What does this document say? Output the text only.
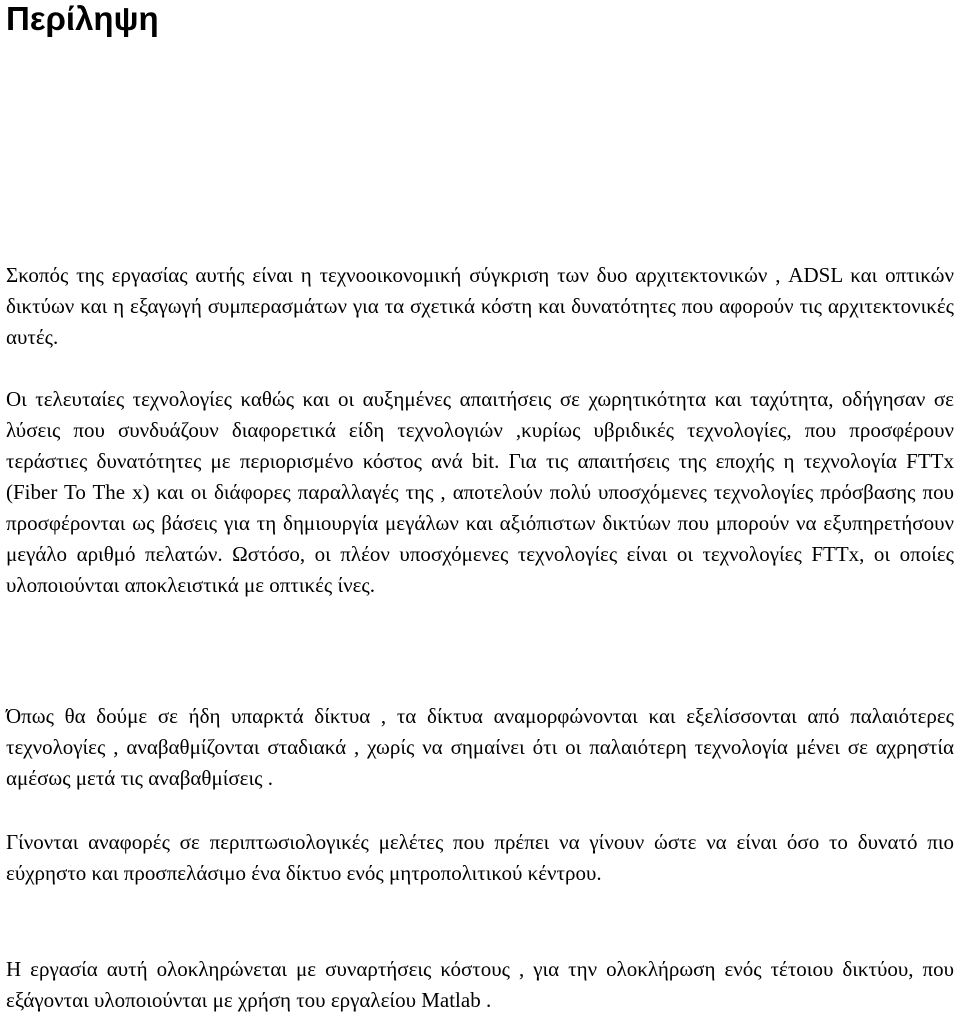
Περίληψη

Σκοπός της εργασίας αυτής είναι η τεχνοοικονομική σύγκριση των δυο αρχιτεκτονικών , ADSL και οπτικών δικτύων και η εξαγωγή συμπερασμάτων για τα σχετικά κόστη και δυνατότητες που αφορούν τις αρχιτεκτονικές αυτές.

Οι τελευταίες τεχνολογίες καθώς και οι αυξημένες απαιτήσεις σε χωρητικότητα και ταχύτητα, οδήγησαν σε λύσεις που συνδυάζουν διαφορετικά είδη τεχνολογιών ,κυρίως υβριδικές τεχνολογίες, που προσφέρουν τεράστιες δυνατότητες με περιορισμένο κόστος ανά bit. Για τις απαιτήσεις της εποχής η τεχνολογία FTTx (Fiber To The x) και οι διάφορες παραλλαγές της , αποτελούν πολύ υποσχόμενες τεχνολογίες πρόσβασης που προσφέρονται ως βάσεις για τη δημιουργία μεγάλων και αξιόπιστων δικτύων που μπορούν να εξυπηρετήσουν μεγάλο αριθμό πελατών. Ωστόσο, οι πλέον υποσχόμενες τεχνολογίες είναι οι τεχνολογίες FTTx, οι οποίες υλοποιούνται αποκλειστικά με οπτικές ίνες.

Όπως θα δούμε σε ήδη υπαρκτά δίκτυα , τα δίκτυα αναμορφώνονται και εξελίσσονται από παλαιότερες τεχνολογίες , αναβαθμίζονται σταδιακά , χωρίς να σημαίνει ότι οι παλαιότερη τεχνολογία μένει σε αχρηστία αμέσως μετά τις αναβαθμίσεις .

Γίνονται αναφορές σε περιπτωσιολογικές μελέτες που πρέπει να γίνουν ώστε να είναι όσο το δυνατό πιο εύχρηστο και προσπελάσιμο ένα δίκτυο ενός μητροπολιτικού κέντρου.

Η εργασία αυτή ολοκληρώνεται με συναρτήσεις κόστους , για την ολοκλήρωση ενός τέτοιου δικτύου, που εξάγονται υλοποιούνται με χρήση του εργαλείου Matlab .
